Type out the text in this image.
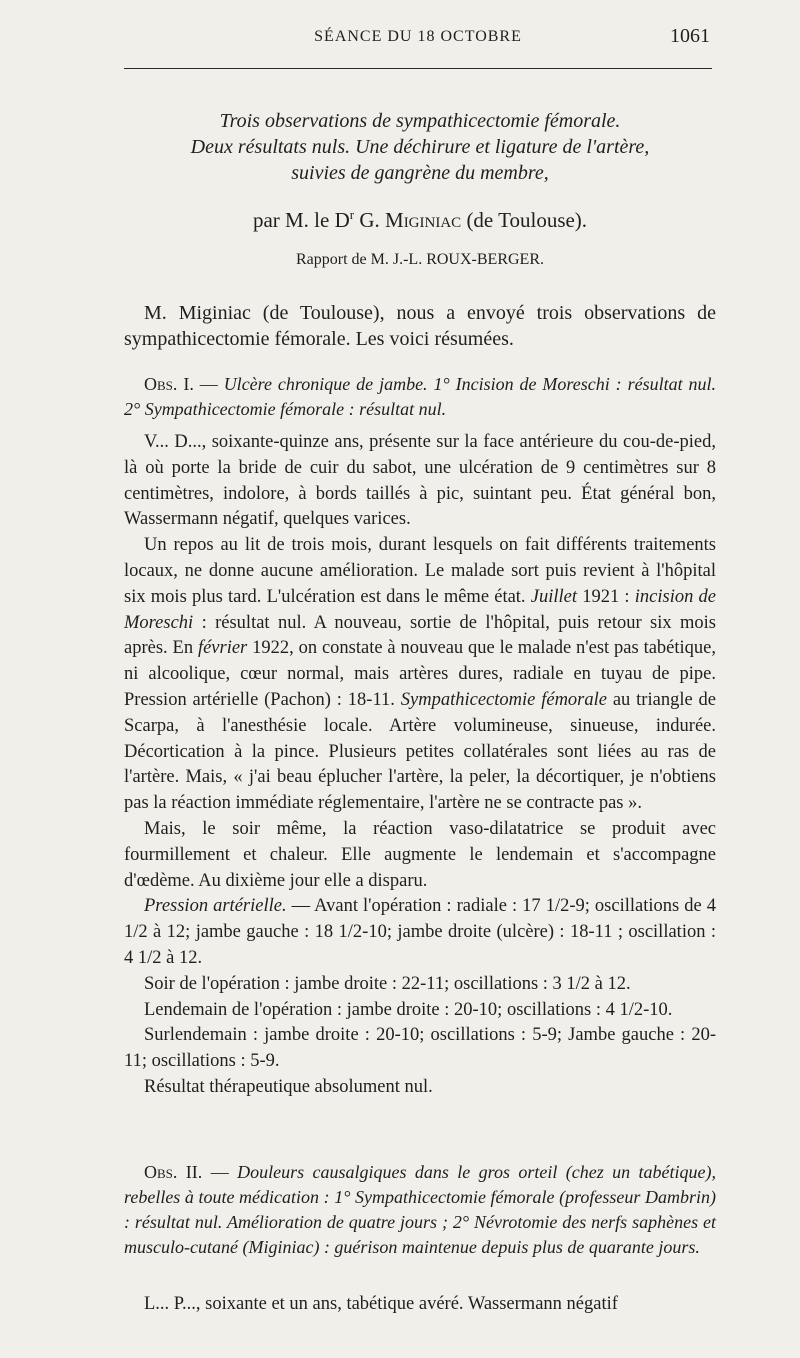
SÉANCE DU 18 OCTOBRE	1061
Trois observations de sympathicectomie fémorale.
Deux résultats nuls. Une déchirure et ligature de l'artère,
suivies de gangrène du membre,
par M. le $D^r$ G. Miginiac (de Toulouse).
Rapport de M. J.-L. ROUX-BERGER.

M. Miginiac (de Toulouse), nous a envoyé trois observations de sympathicectomie fémorale. Les voici résumées.

Obs. I. — Ulcère chronique de jambe. 1° Incision de Moreschi : résultat nul. 2° Sympathicectomie fémorale : résultat nul.

V... D..., soixante-quinze ans, présente sur la face antérieure du cou-de-pied, là où porte la bride de cuir du sabot, une ulcération de 9 centimètres sur 8 centimètres, indolore, à bords taillés à pic, suintant peu. État général bon, Wassermann négatif, quelques varices.

Un repos au lit de trois mois, durant lesquels on fait différents traitements locaux, ne donne aucune amélioration. Le malade sort puis revient à l'hôpital six mois plus tard. L'ulcération est dans le même état. Juillet 1921 : incision de Moreschi : résultat nul. A nouveau, sortie de l'hôpital, puis retour six mois après. En février 1922, on constate à nouveau que le malade n'est pas tabétique, ni alcoolique, cœur normal, mais artères dures, radiale en tuyau de pipe. Pression artérielle (Pachon) : 18-11. Sympathicectomie fémorale au triangle de Scarpa, à l'anesthésie locale. Artère volumineuse, sinueuse, indurée. Décortication à la pince. Plusieurs petites collatérales sont liées au ras de l'artère. Mais, « j'ai beau éplucher l'artère, la peler, la décortiquer, je n'obtiens pas la réaction immédiate réglementaire, l'artère ne se contracte pas ».

Mais, le soir même, la réaction vaso-dilatatrice se produit avec fourmillement et chaleur. Elle augmente le lendemain et s'accompagne d'œdème. Au dixième jour elle a disparu.

Pression artérielle. — Avant l'opération : radiale : 17 1/2-9; oscillations de 4 1/2 à 12; jambe gauche : 18 1/2-10; jambe droite (ulcère) : 18-11 ; oscillation : 4 1/2 à 12.

Soir de l'opération : jambe droite : 22-11; oscillations : 3 1/2 à 12.

Lendemain de l'opération : jambe droite : 20-10; oscillations : 4 1/2-10.

Surlendemain : jambe droite : 20-10; oscillations : 5-9; Jambe gauche : 20-11; oscillations : 5-9.

Résultat thérapeutique absolument nul.

Obs. II. — Douleurs causalgiques dans le gros orteil (chez un tabétique), rebelles à toute médication : 1° Sympathicectomie fémorale (professeur Dambrin) : résultat nul. Amélioration de quatre jours ; 2° Névrotomie des nerfs saphènes et musculo-cutané (Miginiac) : guérison maintenue depuis plus de quarante jours.

L... P..., soixante et un ans, tabétique avéré. Wassermann négatif
